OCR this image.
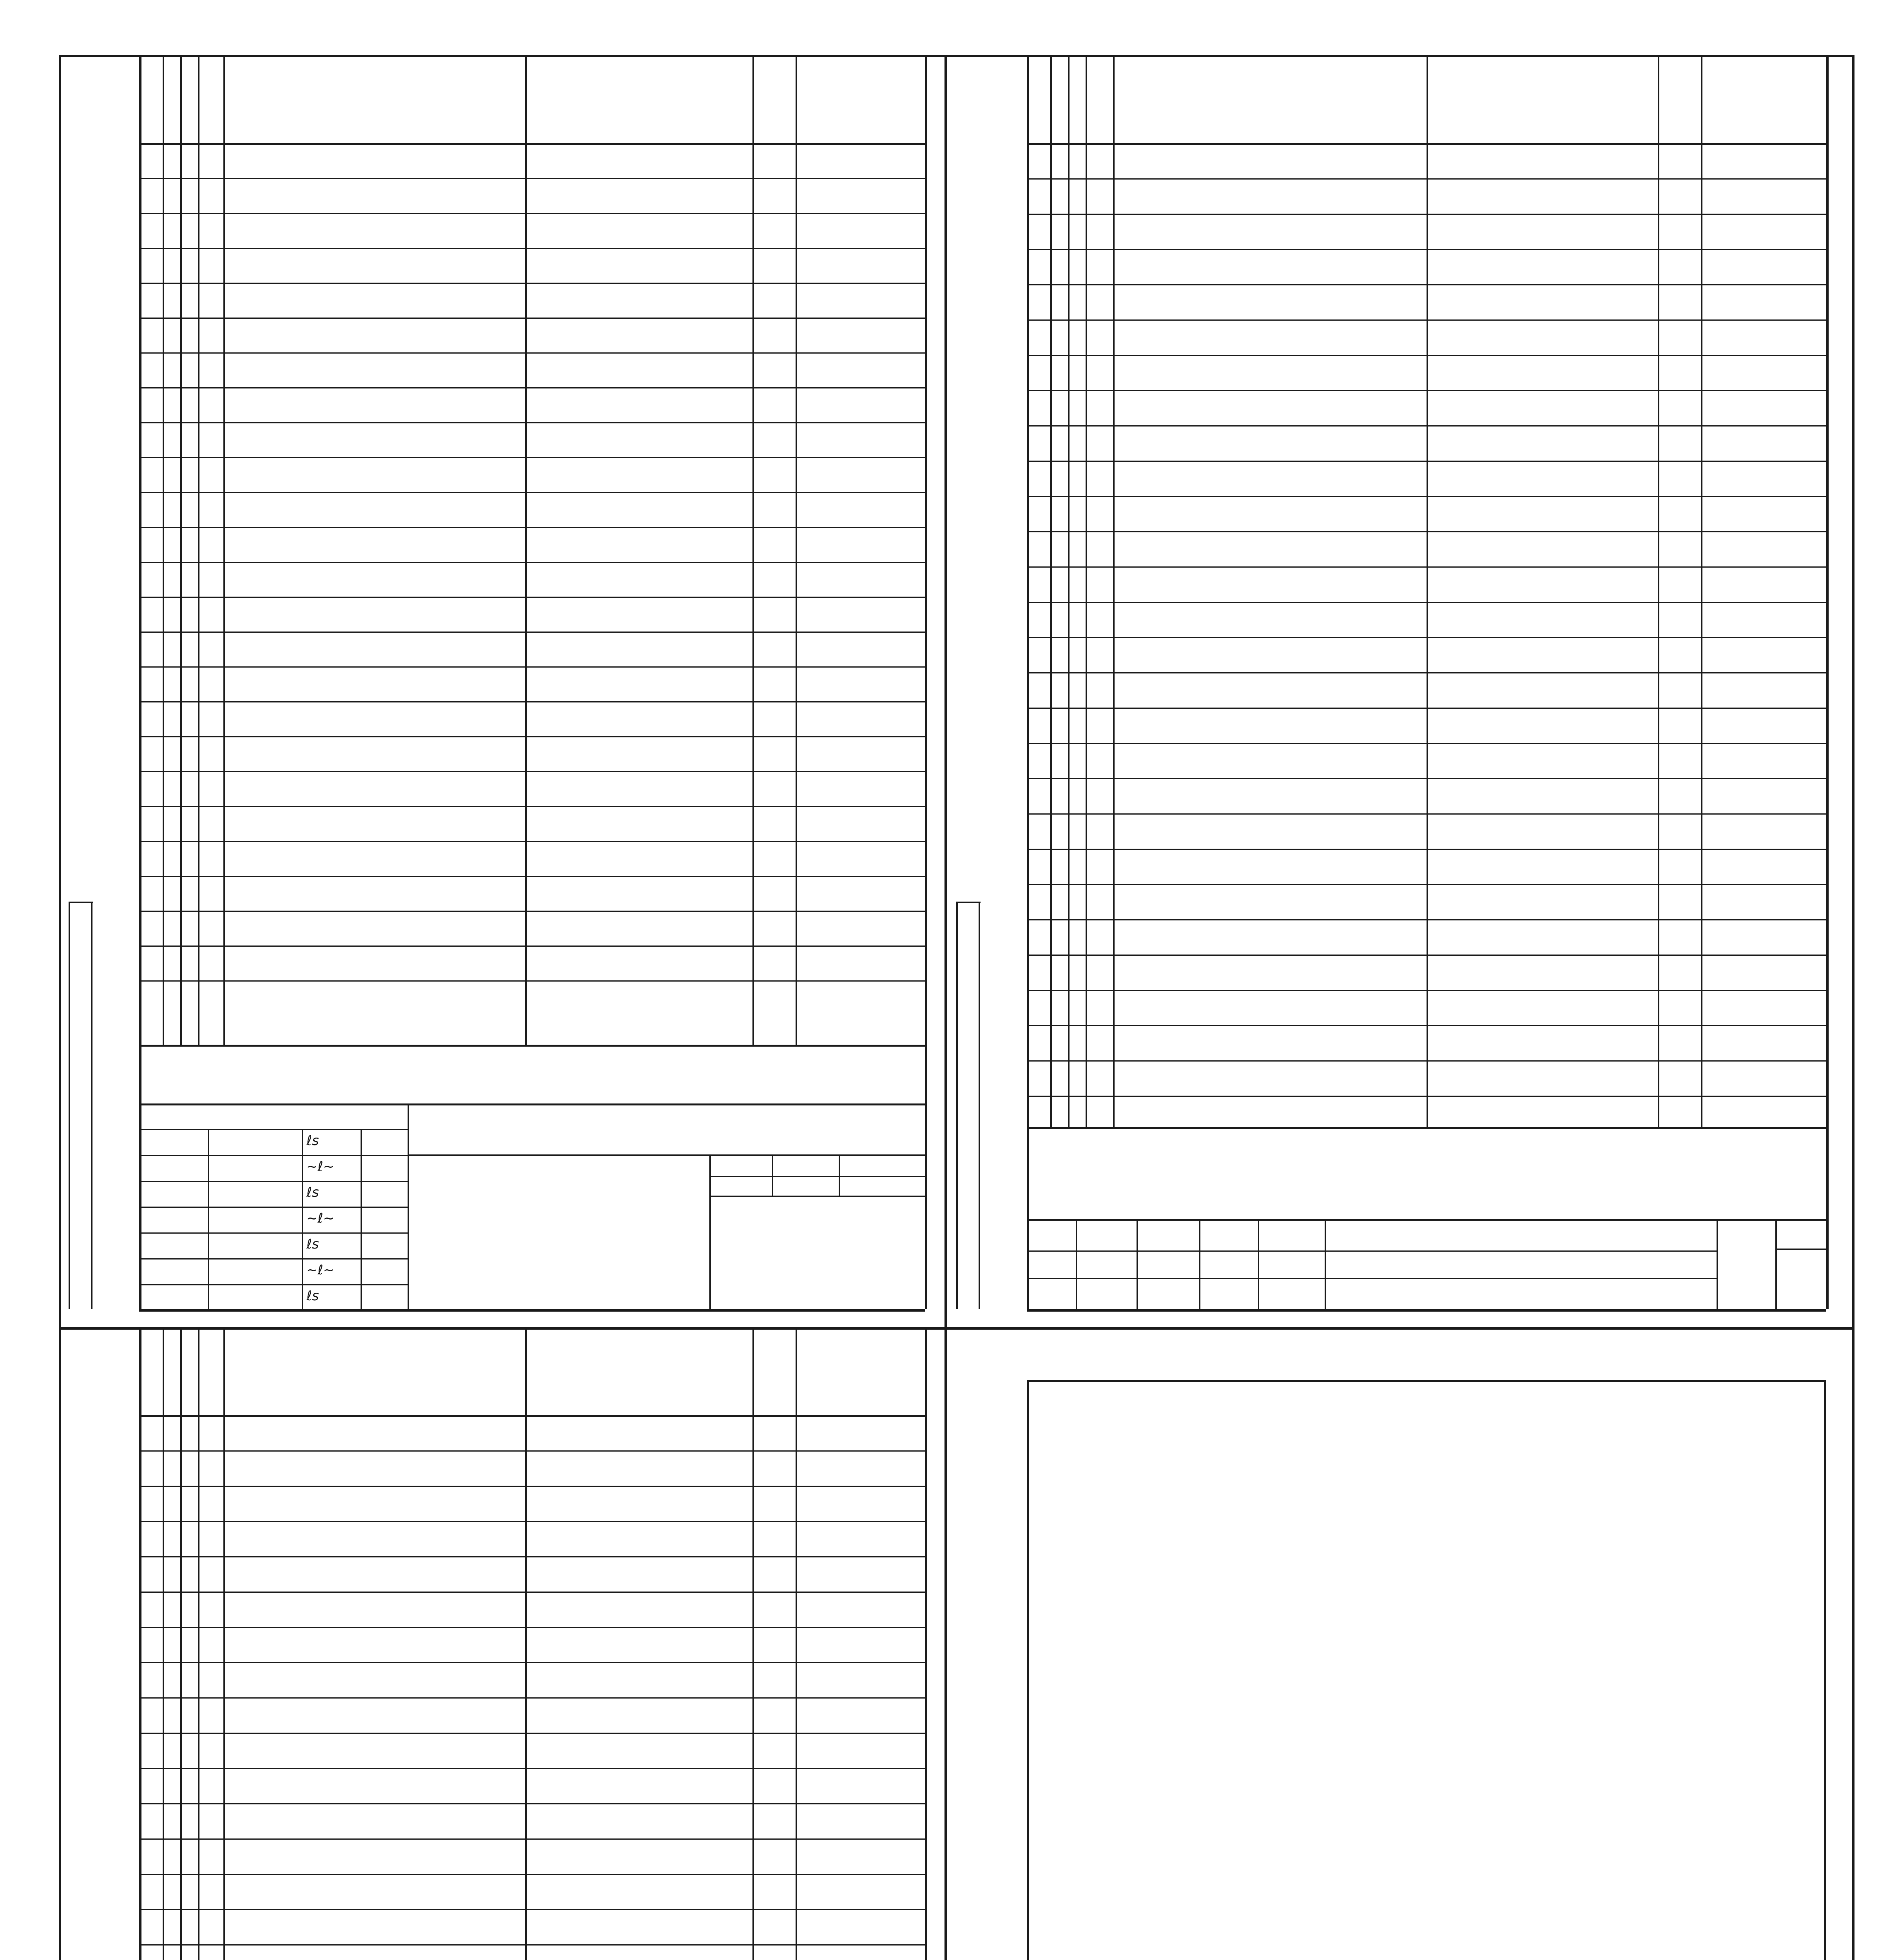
ℓs
~ℓ~
ℓs
~ℓ~
ℓs
~ℓ~
ℓs
